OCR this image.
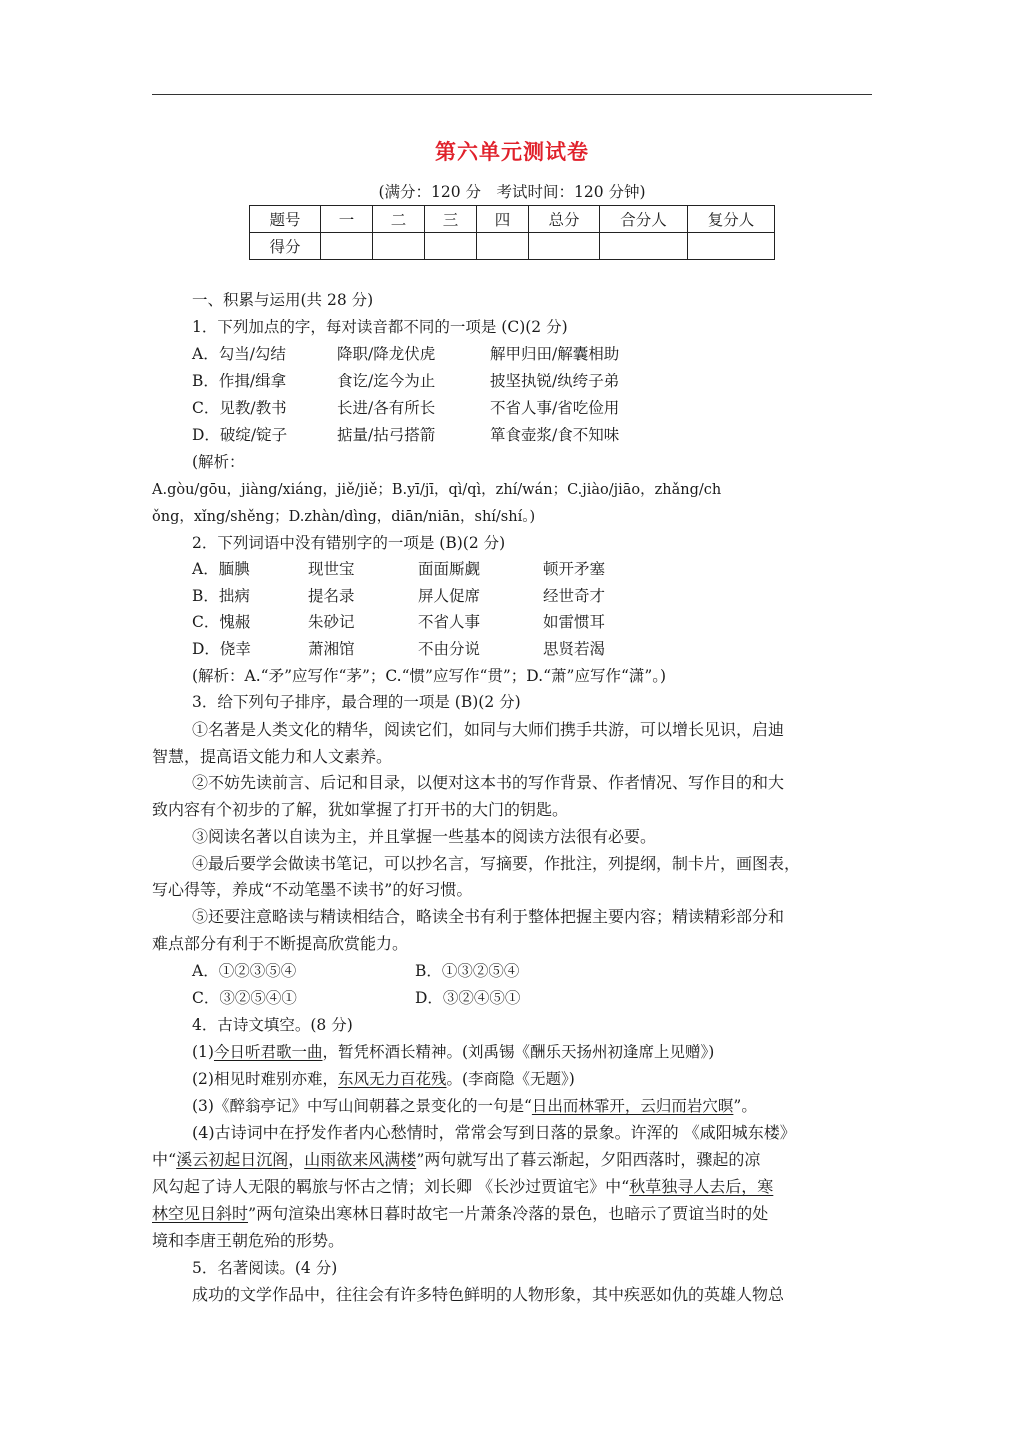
第六单元测试卷
(满分：120 分　考试时间：120 分钟)
题号	一	二	三	四	总分	合分人	复分人
得分							
一、积累与运用(共 28 分)
1．下列加点的字，每对读音都不同的一项是 (C)(2 分)
A．勾当/勾结	降职/降龙伏虎	解甲归田/解囊相助
B．作揖/缉拿	食讫/迄今为止	披坚执锐/纨绔子弟
C．见教/教书	长进/各有所长	不省人事/省吃俭用
D．破绽/锭子	掂量/拈弓搭箭	箪食壶浆/食不知味
(解析：
A.gòu/gōu，jiàng/xiáng，jiě/jiě；B.yī/jī，qì/qì，zhí/wán；C.jiào/jiāo，zhǎng/ch
ǒng，xǐng/shěng；D.zhàn/dìng，diān/niān，shí/shí。)
2．下列词语中没有错别字的一项是 (B)(2 分)
A．腼腆	现世宝	面面厮觑	顿开矛塞
B．拙病	提名录	屏人促席	经世奇才
C．愧赧	朱砂记	不省人事	如雷惯耳
D．侥幸	萧湘馆	不由分说	思贤若渴
(解析：A.“矛”应写作“茅”；C.“惯”应写作“贯”；D.“萧”应写作“潇”。)
3．给下列句子排序，最合理的一项是 (B)(2 分)
①名著是人类文化的精华，阅读它们，如同与大师们携手共游，可以增长见识，启迪
智慧，提高语文能力和人文素养。
②不妨先读前言、后记和目录，以便对这本书的写作背景、作者情况、写作目的和大
致内容有个初步的了解，犹如掌握了打开书的大门的钥匙。
③阅读名著以自读为主，并且掌握一些基本的阅读方法很有必要。
④最后要学会做读书笔记，可以抄名言，写摘要，作批注，列提纲，制卡片，画图表，
写心得等，养成“不动笔墨不读书”的好习惯。
⑤还要注意略读与精读相结合，略读全书有利于整体把握主要内容；精读精彩部分和
难点部分有利于不断提高欣赏能力。
A．①②③⑤④	B．①③②⑤④
C．③②⑤④①	D．③②④⑤①
4．古诗文填空。(8 分)
(1)今日听君歌一曲，暂凭杯酒长精神。(刘禹锡《酬乐天扬州初逢席上见赠》)
(2)相见时难别亦难，东风无力百花残。(李商隐《无题》)
(3)《醉翁亭记》中写山间朝暮之景变化的一句是“日出而林霏开，云归而岩穴暝”。
(4)古诗词中在抒发作者内心愁情时，常常会写到日落的景象。许浑的 《咸阳城东楼》
中“溪云初起日沉阁，山雨欲来风满楼”两句就写出了暮云渐起，夕阳西落时，骤起的凉
风勾起了诗人无限的羁旅与怀古之情；刘长卿 《长沙过贾谊宅》中“秋草独寻人去后，寒
林空见日斜时”两句渲染出寒林日暮时故宅一片萧条冷落的景色，也暗示了贾谊当时的处
境和李唐王朝危殆的形势。
5．名著阅读。(4 分)
成功的文学作品中，往往会有许多特色鲜明的人物形象，其中疾恶如仇的英雄人物总
